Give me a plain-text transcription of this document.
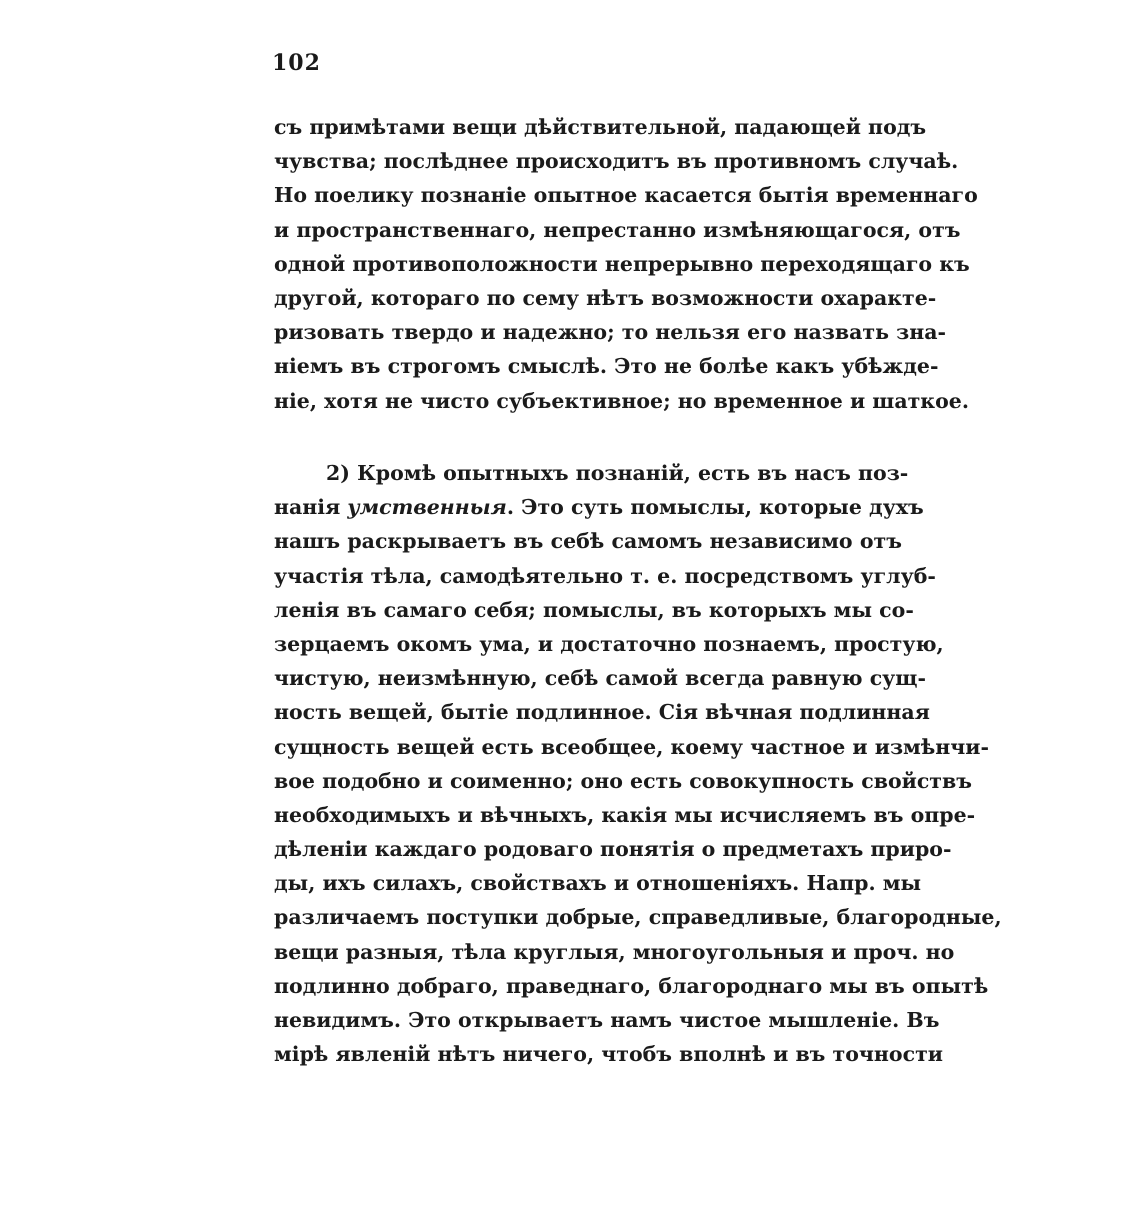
102
съ примѣтами вещи дѣйствительной, падающей подъ
чувства; послѣднее происходитъ въ противномъ случаѣ.
Но поелику познаніе опытное касается бытія временнаго
и пространственнаго, непрестанно измѣняющагося, отъ
одной противоположности непрерывно переходящаго къ
другой, котораго по сему нѣтъ возможности охаракте-
ризовать твердо и надежно; то нельзя его назвать зна-
ніемъ въ строгомъ смыслѣ. Это не болѣе какъ убѣжде-
ніе, хотя не чисто субъективное; но временное и шаткое.
2) Кромѣ опытныхъ познаній, есть въ насъ поз-
нанія умственныя. Это суть помыслы, которые духъ
нашъ раскрываетъ въ себѣ самомъ независимо отъ
участія тѣла, самодѣятельно т. е. посредствомъ углуб-
ленія въ самаго себя; помыслы, въ которыхъ мы со-
зерцаемъ окомъ ума, и достаточно познаемъ, простую,
чистую, неизмѣнную, себѣ самой всегда равную сущ-
ность вещей, бытіе подлинное. Сія вѣчная подлинная
сущность вещей есть всеобщее, коему частное и измѣнчи-
вое подобно и соименно; оно есть совокупность свойствъ
необходимыхъ и вѣчныхъ, какія мы исчисляемъ въ опре-
дѣленіи каждаго родоваго понятія о предметахъ приро-
ды, ихъ силахъ, свойствахъ и отношеніяхъ. Напр. мы
различаемъ поступки добрые, справедливые, благородные,
вещи разныя, тѣла круглыя, многоугольныя и проч. но
подлинно добраго, праведнаго, благороднаго мы въ опытѣ
невидимъ. Это открываетъ намъ чистое мышленіе. Въ
мірѣ явленій нѣтъ ничего, чтобъ вполнѣ и въ точности
